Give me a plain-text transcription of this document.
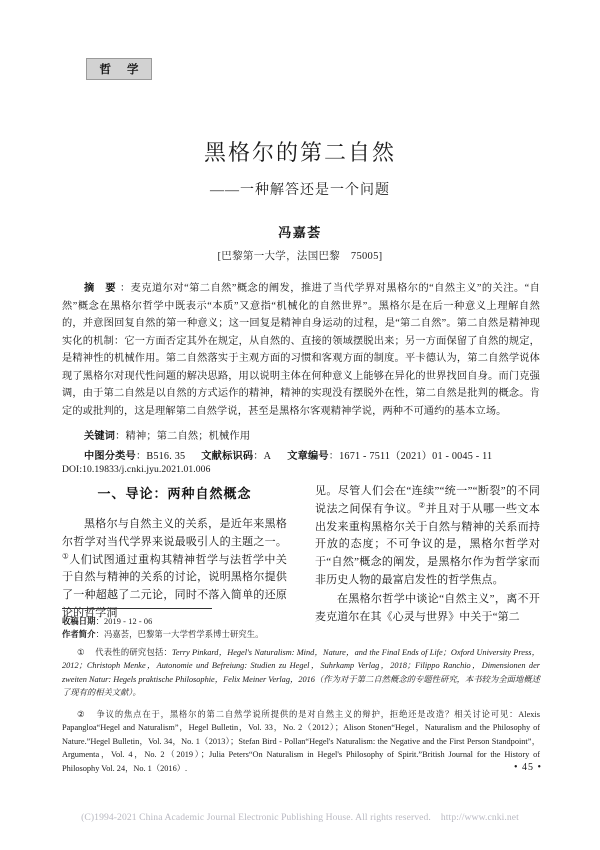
哲 学
黑格尔的第二自然
——一种解答还是一个问题
冯嘉荟
[巴黎第一大学，法国巴黎　75005]
摘 要：麦克道尔对“第二自然”概念的阐发，推进了当代学界对黑格尔的“自然主义”的关注。“自然”概念在黑格尔哲学中既表示“本质”又意指“机械化的自然世界”。黑格尔是在后一种意义上理解自然的，并意图回复自然的第一种意义；这一回复是精神自身运动的过程，是“第二自然”。第二自然是精神现实化的机制：它一方面否定其外在规定，从自然的、直接的领域摆脱出来；另一方面保留了自然的规定，是精神性的机械作用。第二自然落实于主观方面的习惯和客观方面的制度。平卡德认为，第二自然学说体现了黑格尔对现代性问题的解决思路，用以说明主体在何种意义上能够在异化的世界找回自身。而门克强调，由于第二自然是以自然的方式运作的精神，精神的实现没有摆脱外在性，第二自然是批判的概念。肯定的或批判的，这是理解第二自然学说，甚至是黑格尔客观精神学说，两种不可通约的基本立场。
关键词：精神；第二自然；机械作用
中图分类号：B516. 35 文献标识码：A 文章编号：1671 - 7511（2021）01 - 0045 - 11
DOI:10.19833/j.cnki.jyu.2021.01.006
一、导论：两种自然概念

黑格尔与自然主义的关系，是近年来黑格尔哲学对当代学界来说最吸引人的主题之一。①人们试图通过重构其精神哲学与法哲学中关于自然与精神的关系的讨论，说明黑格尔提供了一种超越了二元论，同时不落入简单的还原论的哲学洞

见。尽管人们会在“连续”“统一”“断裂”的不同说法之间保有争议。②并且对于从哪一些文本出发来重构黑格尔关于自然与精神的关系而持开放的态度；不可争议的是，黑格尔哲学对于“自然”概念的阐发，是黑格尔作为哲学家而非历史人物的最富启发性的哲学焦点。

在黑格尔哲学中谈论“自然主义”，离不开麦克道尔在其《心灵与世界》中关于“第二

收稿日期：2019 - 12 - 06

作者简介：冯嘉荟，巴黎第一大学哲学系博士研究生。

①　 代表性的研究包括：Terry Pinkard，Hegel's Naturalism: Mind，Nature，and the Final Ends of Life；Oxford University Press，2012；Christoph Menke，Autonomie und Befreiung: Studien zu Hegel，Suhrkamp Verlag，2018；Filippo Ranchio，Dimensionen der zweiten Natur: Hegels praktische Philosophie，Felix Meiner Verlag，2016（作为对于第二自然概念的专题性研究，本书较为全面地概述了现有的相关文献）。

②　 争议的焦点在于，黑格尔的第二自然学说所提供的是对自然主义的辩护，拒绝还是改造？相关讨论可见：Alexis Papangloa“Hegel and Naturalism”，Hegel Bulletin，Vol. 33，No. 2（2012）；Alison Stonen“Hegel，Naturalism and the Philosophy of Nature.”Hegel Bulletin，Vol. 34，No. 1（2013）；Stefan Bird - Pollan“Hegel's Naturalism: the Negative and the First Person Standpoint”，Argumenta，Vol. 4，No. 2（2019）；Julia Peters“On Naturalism in Hegel's Philosophy of Spirit.”British Journal for the History of Philosophy Vol. 24，No. 1（2016）.	• 45 •
(C)1994-2021 China Academic Journal Electronic Publishing House. All rights reserved. http://www.cnki.net
